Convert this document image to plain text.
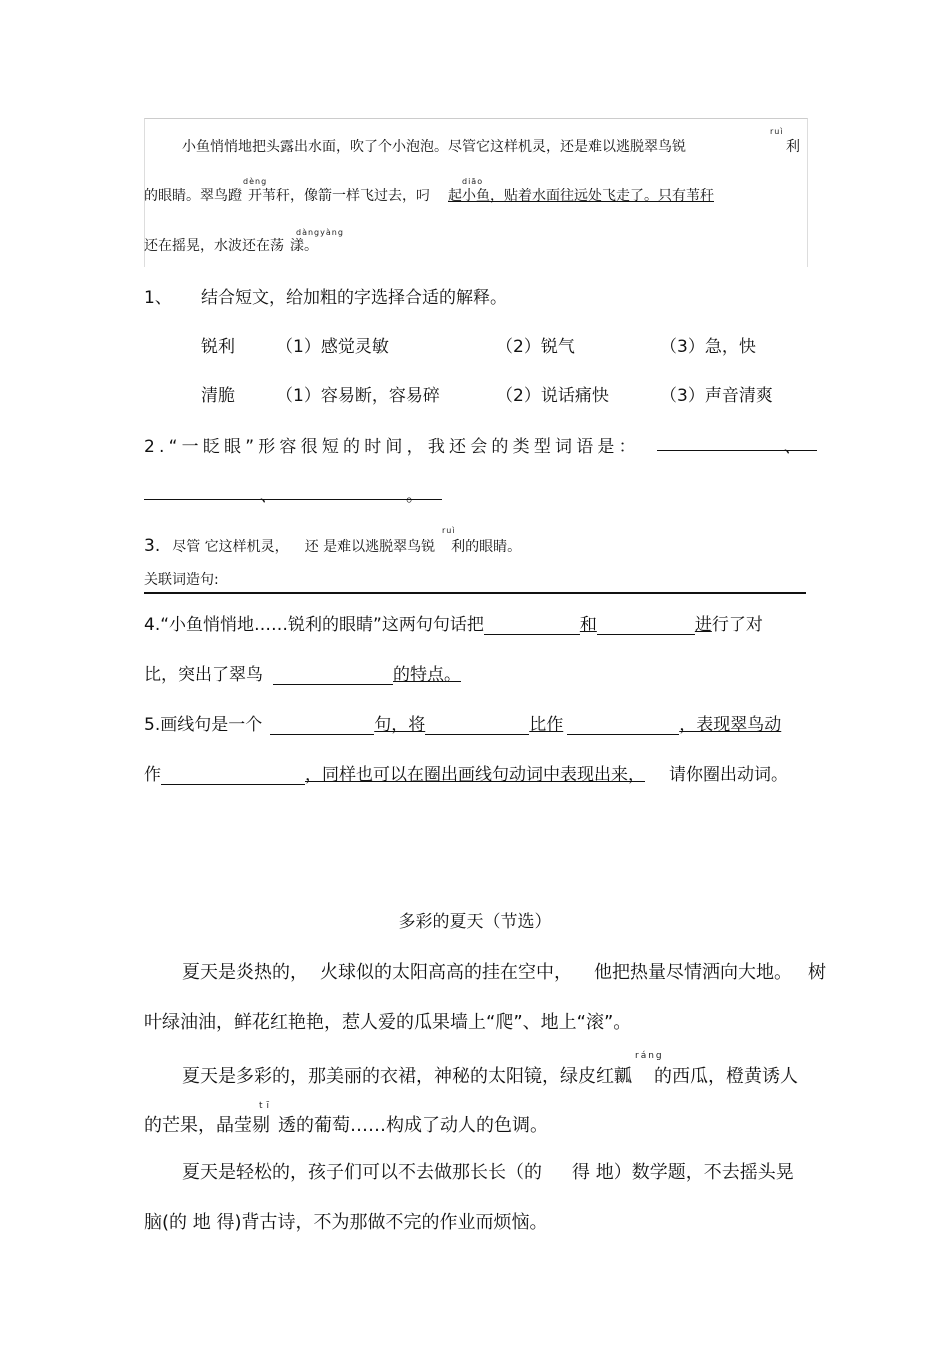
ruì
小鱼悄悄地把头露出水面，吹了个小泡泡。尽管它这样机灵，还是难以逃脱翠鸟锐	利
dèng	diāo
的眼睛。翠鸟蹬 开苇秆，像箭一样飞过去，叼 起小鱼，贴着水面往远处飞走了。只有苇秆
dàngyàng
还在摇晃，水波还在荡 漾。
1、 结合短文，给加粗的字选择合适的解释。
锐利 （1）感觉灵敏	（2）锐气	（3）急，快
清脆 （1）容易断，容易碎	（2）说话痛快	（3）声音清爽
2.“一眨眼”形容很短的时间，我还会的类型词语是：	、
、	。
ruì
3. 尽管 它这样机灵， 还 是难以逃脱翠鸟锐 利的眼睛。
关联词造句:
4.“小鱼悄悄地……锐利的眼睛”这两句句话把	和	进行了对
比，突出了翠鸟	的特点。
5.画线句是一个	句，将	比作	，表现翠鸟动
作	，同样也可以在圈出画线句动词中表现出来， 请你圈出动词。
多彩的夏天（节选）
夏天是炎热的， 火球似的太阳高高的挂在空中， 他把热量尽情洒向大地。 树
叶绿油油，鲜花红艳艳，惹人爱的瓜果墙上“爬”、地上“滚”。
ráng
夏天是多彩的，那美丽的衣裙，神秘的太阳镜，绿皮红瓤 的西瓜，橙黄诱人
tī
的芒果，晶莹剔 透的葡萄……构成了动人的色调。
夏天是轻松的，孩子们可以不去做那长长（的 得 地）数学题，不去摇头晃
脑(的 地 得)背古诗，不为那做不完的作业而烦恼。
